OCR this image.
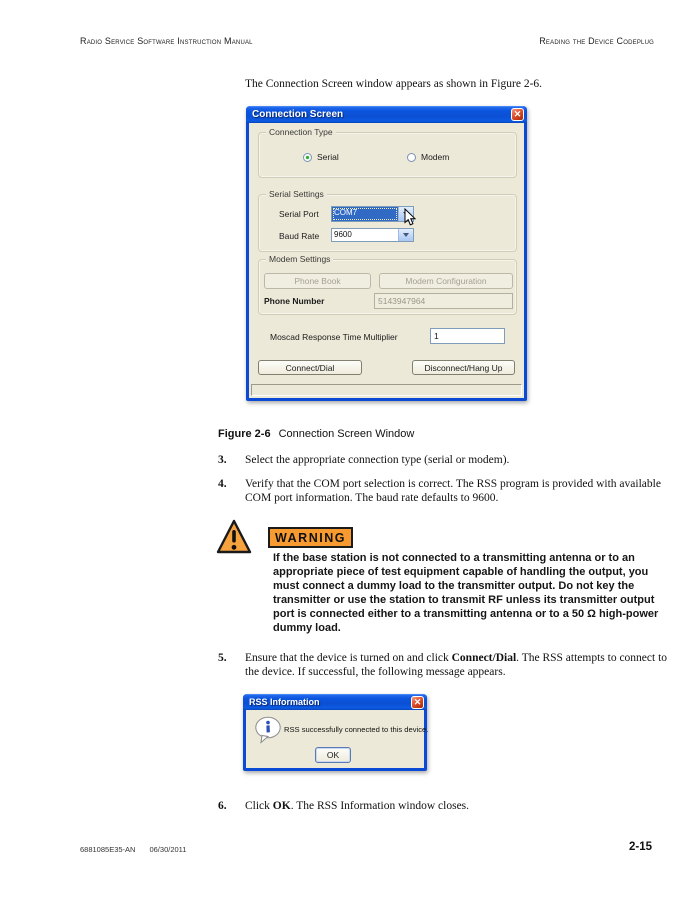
Radio Service Software Instruction Manual	Reading the Device Codeplug
The Connection Screen window appears as shown in Figure 2-6.
Connection Screen	✕
Connection Type
Serial	Modem
Serial Settings
Serial Port COM7
Baud Rate 9600
Modem Settings
Phone Book	Modem Configuration
Phone Number	5143947964
Moscad Response Time Multiplier	1
Connect/Dial	Disconnect/Hang Up
Figure 2-6 Connection Screen Window
3. Select the appropriate connection type (serial or modem).
4. Verify that the COM port selection is correct. The RSS program is provided with available COM port information. The baud rate defaults to 9600.
WARNING
If the base station is not connected to a transmitting antenna or to an appropriate piece of test equipment capable of handling the output, you must connect a dummy load to the transmitter output. Do not key the transmitter or use the station to transmit RF unless its transmitter output port is connected either to a transmitting antenna or to a 50 Ω high-power dummy load.
5. Ensure that the device is turned on and click Connect/Dial. The RSS attempts to connect to the device. If successful, the following message appears.
RSS Information	✕
RSS successfully connected to this device.
OK
6. Click OK. The RSS Information window closes.
6881085E35-AN 06/30/2011	2-15
